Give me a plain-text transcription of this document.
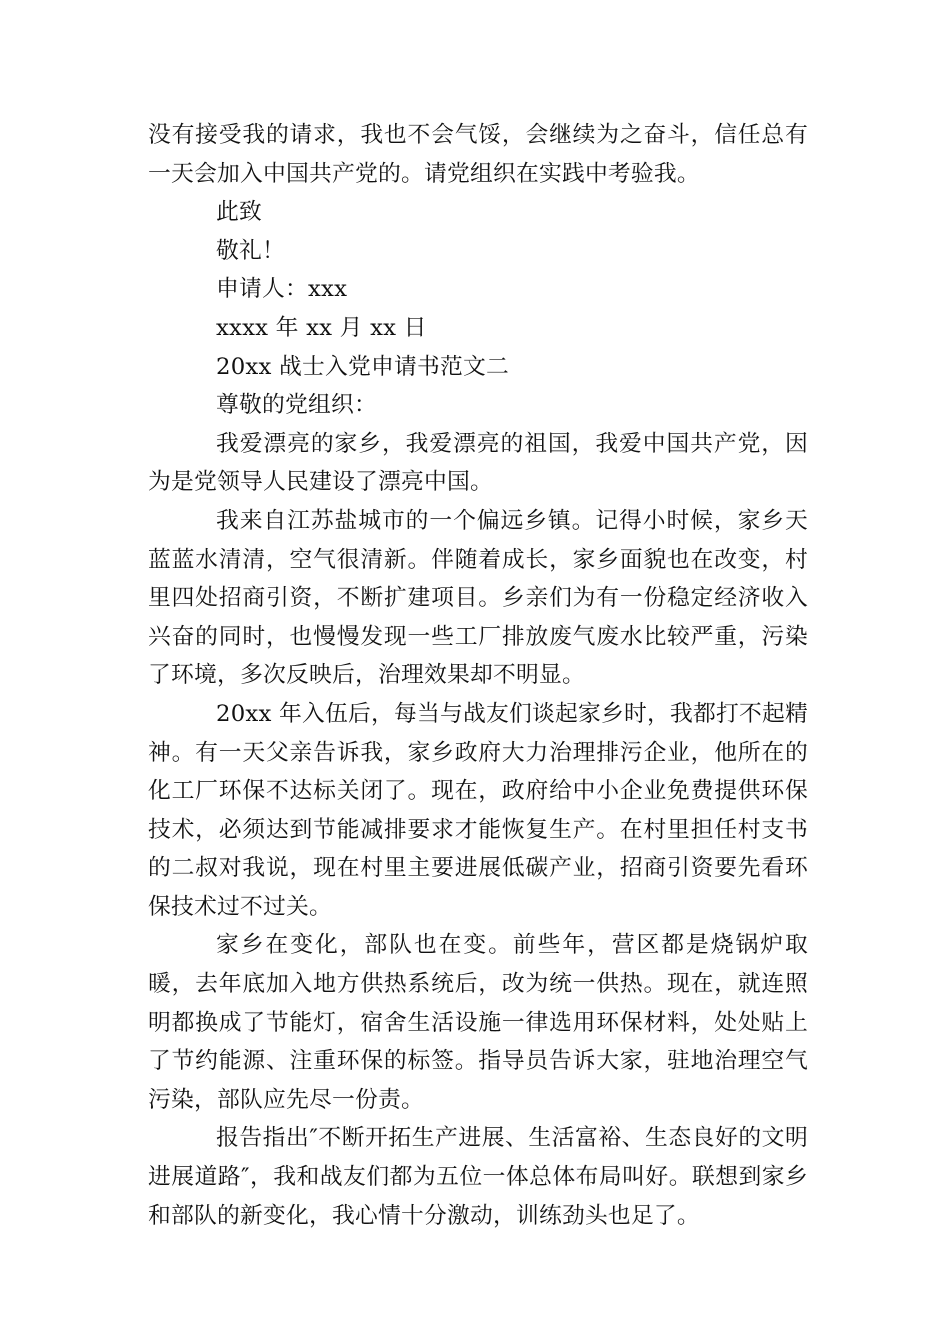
没有接受我的请求，我也不会气馁，会继续为之奋斗，信任总有一天会加入中国共产党的。请党组织在实践中考验我。

此致

敬礼！

申请人：xxx

xxxx 年 xx 月 xx 日

20xx 战士入党申请书范文二

尊敬的党组织：

我爱漂亮的家乡，我爱漂亮的祖国，我爱中国共产党，因为是党领导人民建设了漂亮中国。

我来自江苏盐城市的一个偏远乡镇。记得小时候，家乡天蓝蓝水清清，空气很清新。伴随着成长，家乡面貌也在改变，村里四处招商引资，不断扩建项目。乡亲们为有一份稳定经济收入兴奋的同时，也慢慢发现一些工厂排放废气废水比较严重，污染了环境，多次反映后，治理效果却不明显。

20xx 年入伍后，每当与战友们谈起家乡时，我都打不起精神。有一天父亲告诉我，家乡政府大力治理排污企业，他所在的化工厂环保不达标关闭了。现在，政府给中小企业免费提供环保技术，必须达到节能减排要求才能恢复生产。在村里担任村支书的二叔对我说，现在村里主要进展低碳产业，招商引资要先看环保技术过不过关。

家乡在变化，部队也在变。前些年，营区都是烧锅炉取暖，去年底加入地方供热系统后，改为统一供热。现在，就连照明都换成了节能灯，宿舍生活设施一律选用环保材料，处处贴上了节约能源、注重环保的标签。指导员告诉大家，驻地治理空气污染，部队应先尽一份责。

报告指出″不断开拓生产进展、生活富裕、生态良好的文明进展道路″，我和战友们都为五位一体总体布局叫好。联想到家乡和部队的新变化，我心情十分激动，训练劲头也足了。
